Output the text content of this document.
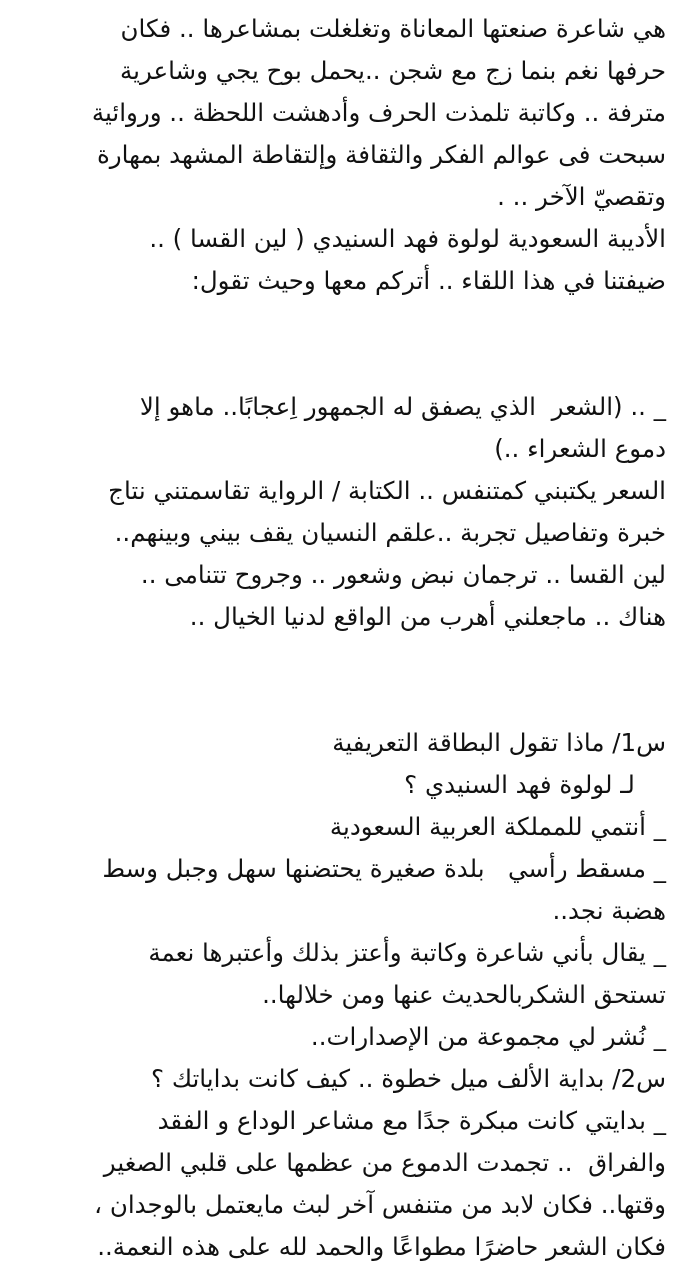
هي شاعرة صنعتها المعاناة وتغلغلت بمشاعرها .. فكان
حرفها نغم بنما زج مع شجن ..يحمل بوح يجي وشاعرية
مترفة .. وكاتبة تلمذت الحرف وأدهشت اللحظة .. وروائية
سبحت فى عوالم الفكر والثقافة وإلتقاطة المشهد بمهارة
وتقصيّ الآخر .. .
الأديبة السعودية لولوة فهد السنيدي ( لين القسا ) ..
ضيفتنا في هذا اللقاء .. أتركم معها وحيث تقول:
_ .. (الشعر  الذي يصفق له الجمهور اِعجابًا.. ماهو إلا
دموع الشعراء ..)
السعر يكتبني كمتنفس .. الكتابة / الرواية تقاسمتني نتاج
خبرة وتفاصيل تجربة ..علقم النسيان يقف بيني وبينهم..
لين القسا .. ترجمان نبض وشعور .. وجروح تتنامى ..
هناك .. ماجعلني أهرب من الواقع لدنيا الخيال ..
س1/ ماذا تقول البطاقة التعريفية
لـ لولوة فهد السنيدي ؟
_ أنتمي للمملكة العربية السعودية
_ مسقط رأسي   بلدة صغيرة يحتضنها سهل وجبل وسط
هضبة نجد..
_ يقال بأني شاعرة وكاتبة وأعتز بذلك وأعتبرها نعمة
تستحق الشكربالحديث عنها ومن خلالها..
_ نُشر لي مجموعة من الإصدارات..
س2/ بداية الألف ميل خطوة .. كيف كانت بداياتك ؟
_ بدايتي كانت مبكرة جدًا مع مشاعر الوداع و الفقد
والفراق  .. تجمدت الدموع من عظمها على قلبي الصغير
وقتها.. فكان لابد من متنفس آخر لبث مايعتمل بالوجدان ،
فكان الشعر حاضرًا مطواعًا والحمد لله على هذه النعمة..
